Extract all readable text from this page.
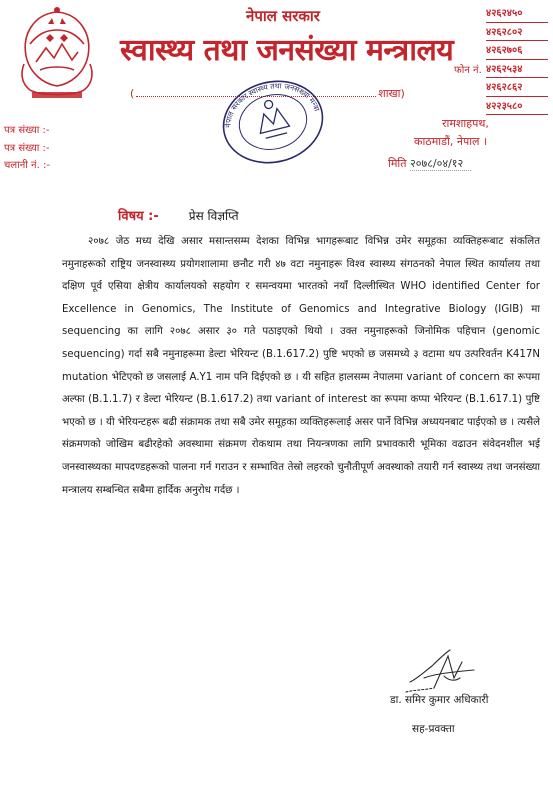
नेपाल सरकार
स्वास्थ्य तथा जनसंख्या मन्त्रालय
(	शाखा)
फोन नं.
४२६२४५०
४२६२८०२
४२६२७०६
४२६२५३४
४२६२८६२
४२२३५८०
नेपाल सरकार स्वास्थ्य तथा जनसंख्या मन्त्रालय
रामशाहपथ,
काठमाडौं, नेपाल ।
पत्र संख्या :-
पत्र संख्या :-
चलानी नं. :-	मिति २०७८/०४/१२
विषय :-	प्रेस विज्ञप्ति

२०७८ जेठ मध्य देखि असार मसान्तसम्म देशका विभिन्न भागहरूबाट विभिन्न उमेर समूहका व्यक्तिहरूबाट संकलित नमुनाहरूको राष्ट्रिय जनस्वास्थ्य प्रयोगशालामा छनौट गरी ४७ वटा नमुनाहरू विश्व स्वास्थ्य संगठनको नेपाल स्थित कार्यालय तथा दक्षिण पूर्व एसिया क्षेत्रीय कार्यालयको सहयोग र समन्वयमा भारतको नयाँ दिल्लीस्थित WHO identified Center for Excellence in Genomics, The Institute of Genomics and Integrative Biology (IGIB) मा sequencing का लागि २०७८ असार ३० गते पठाइएको थियो । उक्त नमुनाहरूको जिनोमिक पहिचान (genomic sequencing) गर्दा सबै नमुनाहरूमा डेल्टा भेरियन्ट (B.1.617.2) पुष्टि भएको छ जसमध्ये ३ वटामा थप उत्परिवर्तन K417N mutation भेटिएको छ जसलाई A.Y1 नाम पनि दिईएको छ । यी सहित हालसम्म नेपालमा variant of concern का रूपमा अल्फा (B.1.1.7) र डेल्टा भेरियन्ट (B.1.617.2) तथा variant of interest का रूपमा कप्पा भेरियन्ट (B.1.617.1) पुष्टि भएको छ । यी भेरियन्टहरू बढी संक्रामक तथा सबै उमेर समूहका व्यक्तिहरूलाई असर पार्ने विभिन्न अध्ययनबाट पाईएको छ । त्यसैले संक्रमणको जोखिम बढीरहेको अवस्थामा संक्रमण रोकथाम तथा नियन्त्रणका लागि प्रभावकारी भूमिका वढाउन संवेदनशील भई जनस्वास्थ्यका मापदण्डहरूको पालना गर्न गराउन र सम्भावित तेस्रो लहरको चुनौतीपूर्ण अवस्थाको तयारी गर्न स्वास्थ्य तथा जनसंख्या मन्त्रालय सम्बन्धित सबैमा हार्दिक अनुरोध गर्दछ ।

डा. समिर कुमार अधिकारी
सह-प्रवक्ता
